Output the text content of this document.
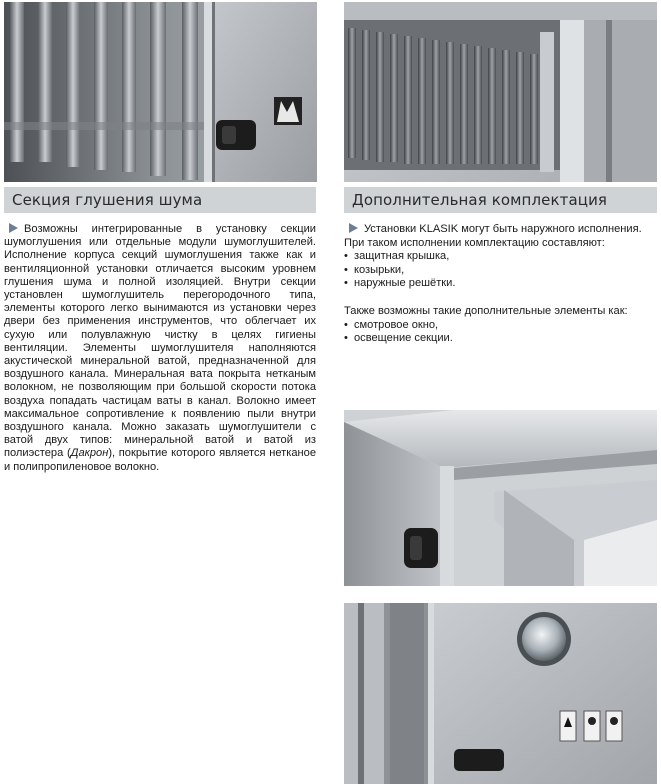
Секция глушения шума	Дополнительная комплектация

Возможны интегрированные в установку секции шумоглушения или отдельные модули шумоглушителей. Исполнение корпуса секций шумоглушения также как и вентиляционной установки отличается высоким уровнем глушения шума и полной изоляцией. Внутри секции установлен шумоглушитель перегородочного типа, элементы которого легко вынимаются из установки через двери без применения инструментов, что облегчает их сухую или полувлажную чистку в целях гигиены вентиляции. Элементы шумоглушителя наполняются акустической минеральной ватой, предназначенной для воздушного канала. Минеральная вата покрыта нетканым волокном, не позволяющим при большой скорости потока воздуха попадать частицам ваты в канал. Волокно имеет максимальное сопротивление к появлению пыли внутри воздушного канала. Можно заказать шумоглушители с ватой двух типов: минеральной ватой и ватой из полиэстера (Дакрон), покрытие которого является нетканое и полипропиленовое волокно.

Установки KLASIK могут быть наружного исполнения.

При таком исполнении комплектацию составляют:

• защитная крышка,
• козырьки,
• наружные решётки.

Также возможны такие дополнительные элементы как:

• смотровое окно,
• освещение секции.
